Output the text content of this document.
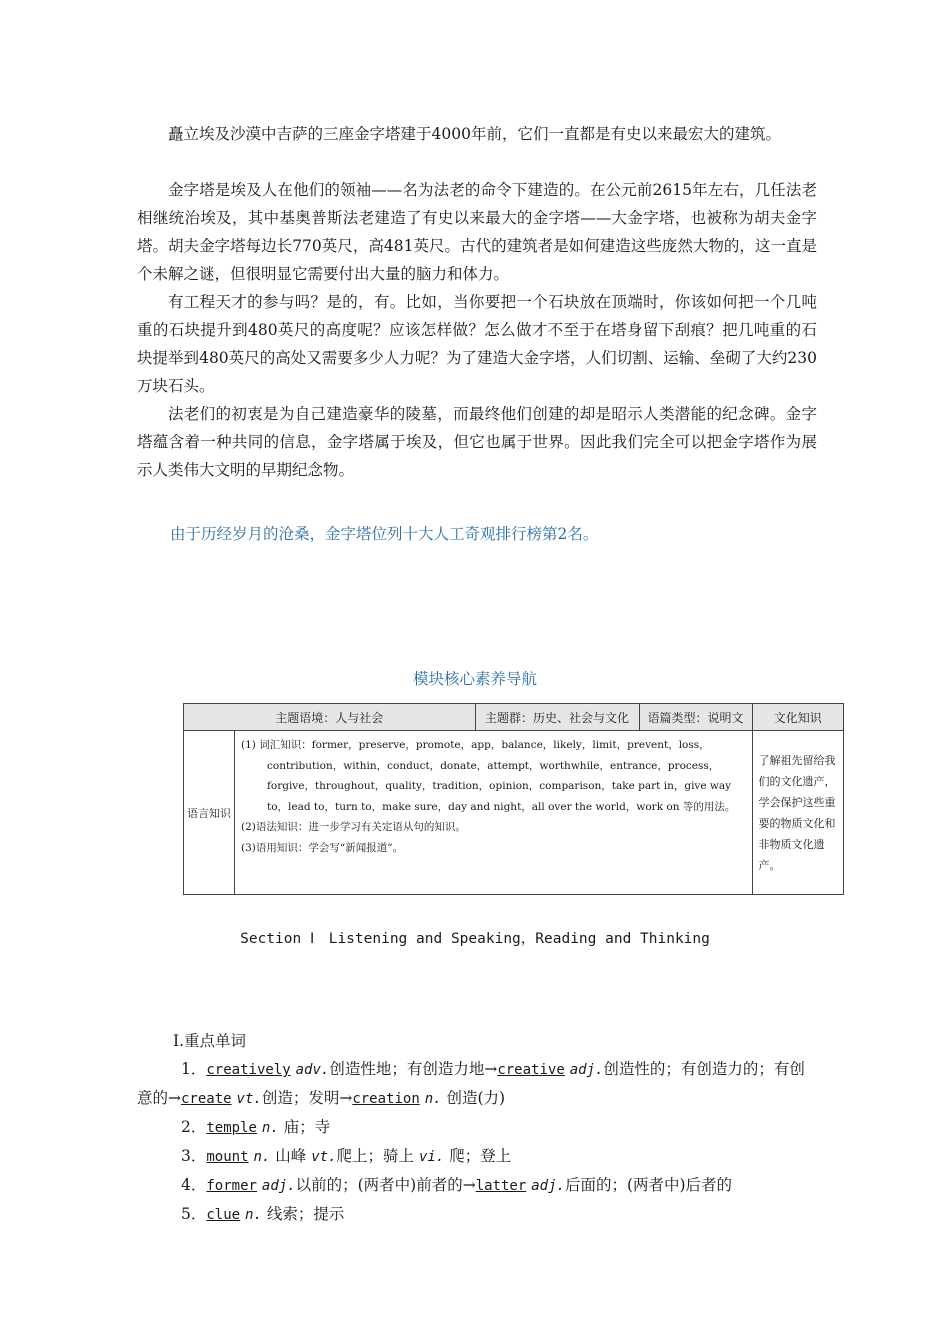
矗立埃及沙漠中吉萨的三座金字塔建于4000年前，它们一直都是有史以来最宏大的建筑。

金字塔是埃及人在他们的领袖——名为法老的命令下建造的。在公元前2615年左右，几任法老相继统治埃及，其中基奥普斯法老建造了有史以来最大的金字塔——大金字塔，也被称为胡夫金字塔。胡夫金字塔每边长770英尺，高481英尺。古代的建筑者是如何建造这些庞然大物的，这一直是个未解之谜，但很明显它需要付出大量的脑力和体力。

有工程天才的参与吗？是的，有。比如，当你要把一个石块放在顶端时，你该如何把一个几吨重的石块提升到480英尺的高度呢？应该怎样做？怎么做才不至于在塔身留下刮痕？把几吨重的石块提举到480英尺的高处又需要多少人力呢？为了建造大金字塔，人们切割、运输、垒砌了大约230万块石头。

法老们的初衷是为自己建造豪华的陵墓，而最终他们创建的却是昭示人类潜能的纪念碑。金字塔蕴含着一种共同的信息，金字塔属于埃及，但它也属于世界。因此我们完全可以把金字塔作为展示人类伟大文明的早期纪念物。

由于历经岁月的沧桑，金字塔位列十大人工奇观排行榜第2名。
模块核心素养导航
主题语境：人与社会		主题群：历史、社会与文化	语篇类型：说明文	文化知识
语言知识	(1) 词汇知识：former，preserve，promote，app，balance，likely，limit，prevent，loss，contribution，within，conduct，donate，attempt，worthwhile，entrance，process，forgive，throughout，quality，tradition，opinion，comparison，take part in，give way to，lead to，turn to，make sure，day and night，all over the world，work on 等的用法。
(2)语法知识：进一步学习有关定语从句的知识。
(3)语用知识：学会写“新闻报道”。			了解祖先留给我们的文化遗产，学会保护这些重要的物质文化和非物质文化遗产。
Section Ⅰ　Listening and Speaking，Reading and Thinking
Ⅰ.重点单词
1．creatively adv.创造性地；有创造力地→creative adj.创造性的；有创造力的；有创意的→create vt.创造；发明→creation n. 创造(力)
2．temple n. 庙；寺
3．mount n. 山峰 vt.爬上；骑上 vi. 爬；登上
4．former adj.以前的；(两者中)前者的→latter adj.后面的；(两者中)后者的
5．clue n. 线索；提示
